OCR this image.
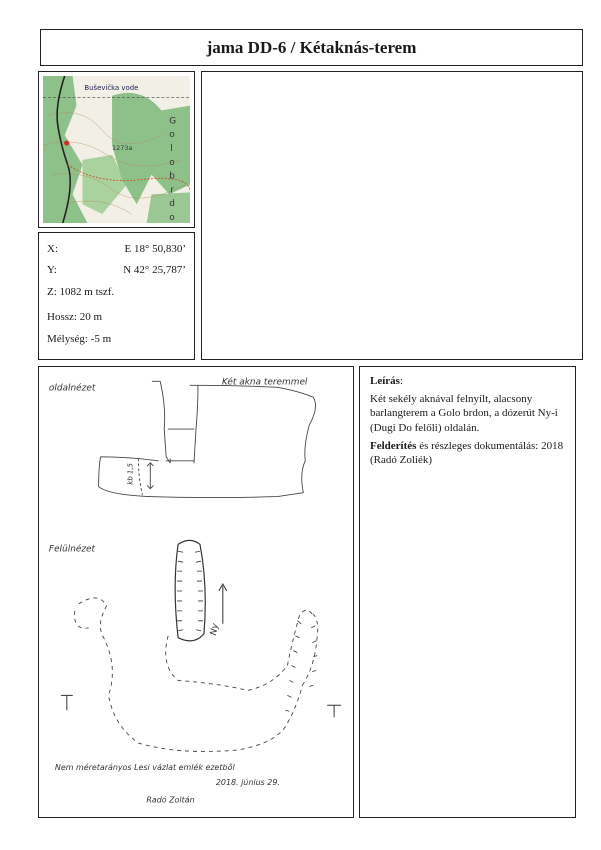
jama DD-6 / Kétaknás-terem
Buševička vode
1273a
G
o
l
o
b
r
d
o
X:	E 18° 50,830’
Y:	N 42° 25,787’
Z: 1082 m tszf.
Hossz: 20 m
Mélység: -5 m
oldalnézet
Két akna teremmel
kb 1,5
Felülnézet
Ny
Nem méretarányos Lesi vázlat emlék ezetből
2018. június 29.
Radó Zoltán

Leírás:

Két sekély aknával felnyílt, alacsony barlangterem a Golo brdon, a dózerút Ny-i (Dugi Do felőli) oldalán.

Felderítés és részleges dokumentálás: 2018 (Radó Zoliék)
